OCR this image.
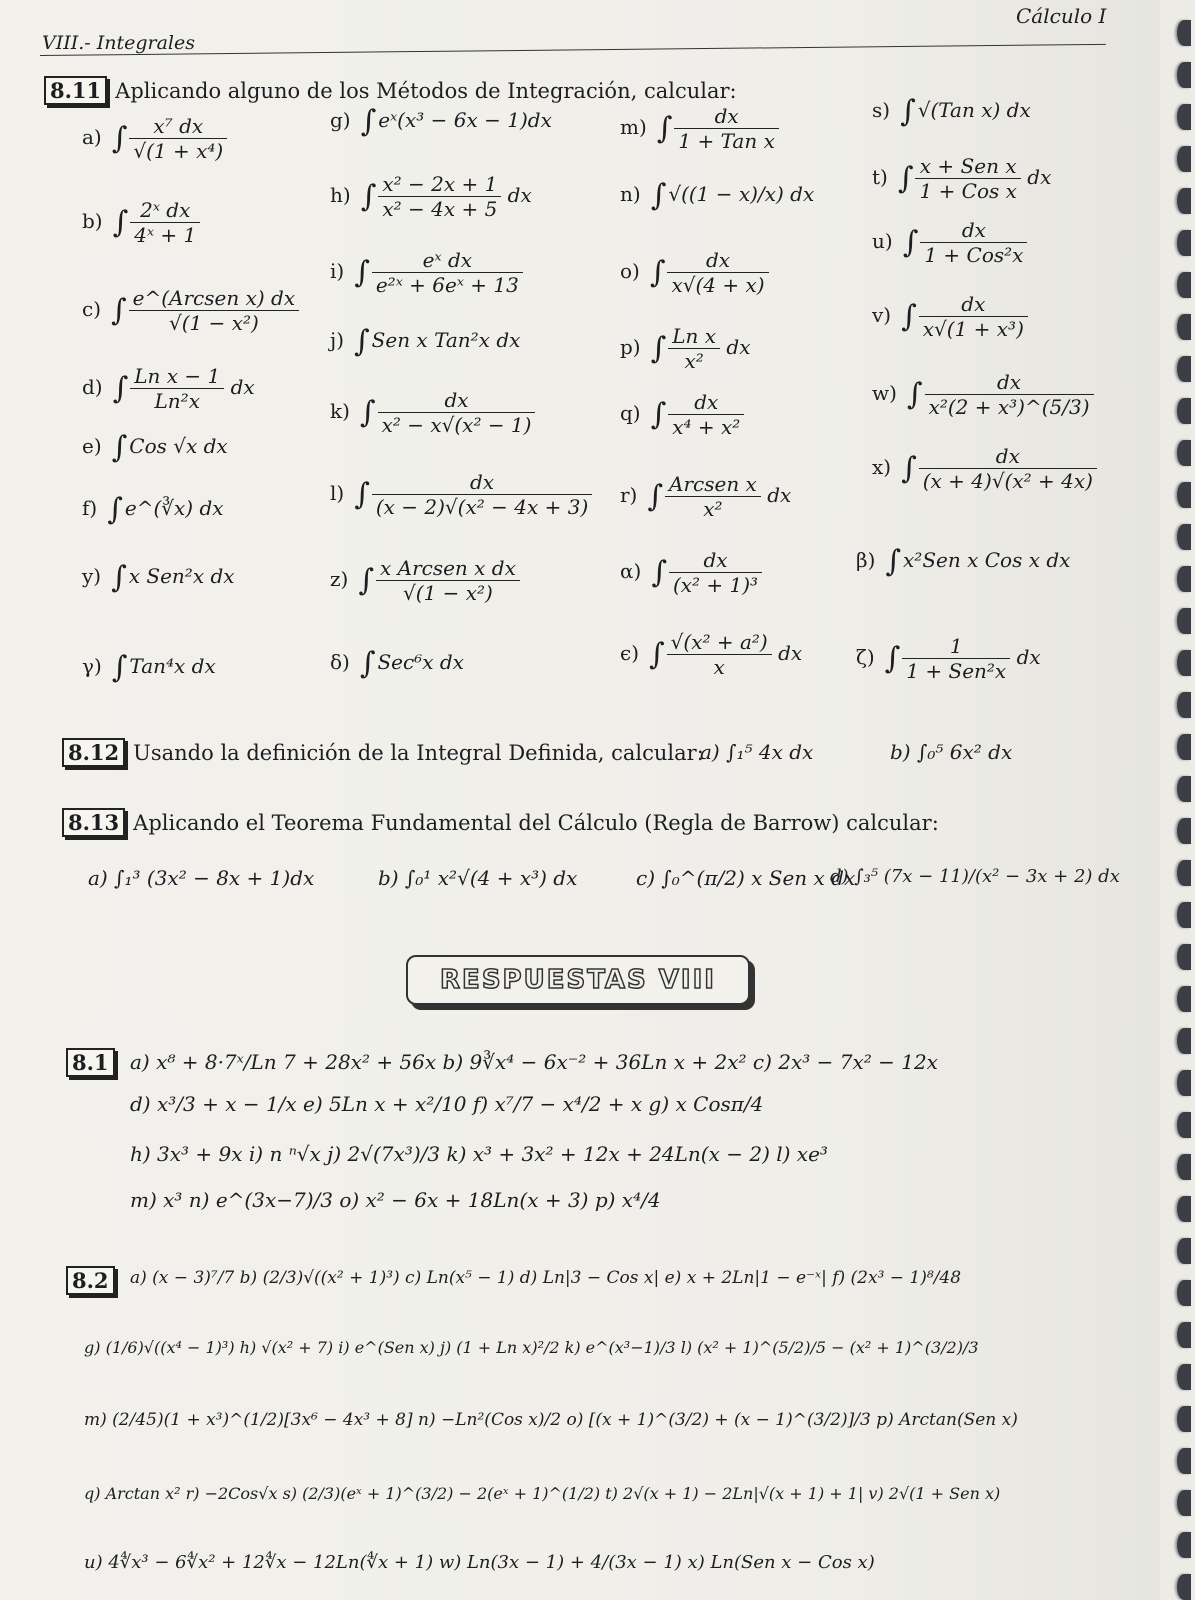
VIII.- Integrales
Cálculo I
8.11 Aplicando alguno de los Métodos de Integración, calcular:
a) ∫ $\frac{\text{x⁷ dx}}{\text{√(1 + x⁴)}}$
b) ∫ $\frac{\text{2ˣ dx}}{\text{4ˣ + 1}}$
c) ∫ $\frac{\text{e\textasciicircum{}(Arcsen x) dx}}{\text{√(1 − x²)}}$
d) ∫ $\frac{\text{Ln x − 1}}{\text{Ln²x}}$ dx
e) ∫ Cos √x dx
f) ∫ e^(∛x) dx
g) ∫ eˣ(x³ − 6x − 1)dx
h) ∫ $\frac{\text{x² − 2x + 1}}{\text{x² − 4x + 5}}$ dx
i) ∫ $\frac{\text{eˣ dx}}{\text{e²ˣ + 6eˣ + 13}}$
j) ∫ Sen x Tan²x dx
k) ∫ $\frac{dx}{\text{x² − x√(x² − 1)}}$
l) ∫ $\frac{dx}{\text{(x − 2)√(x² − 4x + 3)}}$
m) ∫ $\frac{dx}{\text{1 + Tan x}}$
n) ∫ √((1 − x)/x) dx
o) ∫ $\frac{dx}{x√(4 + x)}$
p) ∫ $\frac{\text{Ln x}}{\text{x²}}$ dx
q) ∫ $\frac{dx}{\text{x⁴ + x²}}$
r) ∫ $\frac{\text{Arcsen x}}{\text{x²}}$ dx
s) ∫ √(Tan x) dx
t) ∫ $\frac{\text{x + Sen x}}{\text{1 + Cos x}}$ dx
u) ∫ $\frac{dx}{\text{1 + Cos²x}}$
v) ∫ $\frac{dx}{\text{x√(1 + x³)}}$
w) ∫ $\frac{dx}{\text{x²(2 + x³)\textasciicircum{}(5/3)}}$
x) ∫ $\frac{dx}{\text{(x + 4)√(x² + 4x)}}$
y) ∫ x Sen²x dx	z) ∫ $\frac{\text{x Arcsen x dx}}{\text{√(1 − x²)}}$	α) ∫ $\frac{dx}{\text{(x² + 1)³}}$	β) ∫ x²Sen x Cos x dx
γ) ∫ Tan⁴x dx	δ) ∫ Sec⁶x dx	ϵ) ∫ $\frac{\text{√(x² + a²)}}{x}$ dx	ζ) ∫ $\frac{1}{\text{1 + Sen²x}}$ dx
8.12 Usando la definición de la Integral Definida, calcular:
a) ∫₁⁵ 4x dx	b) ∫₀⁵ 6x² dx
8.13 Aplicando el Teorema Fundamental del Cálculo (Regla de Barrow) calcular:
a) ∫₁³ (3x² − 8x + 1)dx	b) ∫₀¹ x²√(4 + x³) dx	c) ∫₀^(π/2) x Sen x dx
d) ∫₃⁵ (7x − 11)/(x² − 3x + 2) dx
RESPUESTAS VIII
8.1	a) x⁸ + 8·7ˣ/Ln 7 + 28x² + 56x b) 9∛x⁴ − 6x⁻² + 36Ln x + 2x² c) 2x³ − 7x² − 12x
d) x³/3 + x − 1/x e) 5Ln x + x²/10 f) x⁷/7 − x⁴/2 + x g) x Cosπ/4
h) 3x³ + 9x i) n ⁿ√x j) 2√(7x³)/3 k) x³ + 3x² + 12x + 24Ln(x − 2) l) xe³
m) x³ n) e^(3x−7)/3 o) x² − 6x + 18Ln(x + 3) p) x⁴/4
8.2	a) (x − 3)⁷/7 b) (2/3)√((x² + 1)³) c) Ln(x⁵ − 1) d) Ln|3 − Cos x| e) x + 2Ln|1 − e⁻ˣ| f) (2x³ − 1)⁸/48
g) (1/6)√((x⁴ − 1)³) h) √(x² + 7) i) e^(Sen x) j) (1 + Ln x)²/2 k) e^(x³−1)/3 l) (x² + 1)^(5/2)/5 − (x² + 1)^(3/2)/3
m) (2/45)(1 + x³)^(1/2)[3x⁶ − 4x³ + 8] n) −Ln²(Cos x)/2 o) [(x + 1)^(3/2) + (x − 1)^(3/2)]/3 p) Arctan(Sen x)
q) Arctan x² r) −2Cos√x s) (2/3)(eˣ + 1)^(3/2) − 2(eˣ + 1)^(1/2) t) 2√(x + 1) − 2Ln|√(x + 1) + 1| v) 2√(1 + Sen x)
u) 4∜x³ − 6∜x² + 12∜x − 12Ln(∜x + 1) w) Ln(3x − 1) + 4/(3x − 1) x) Ln(Sen x − Cos x)
